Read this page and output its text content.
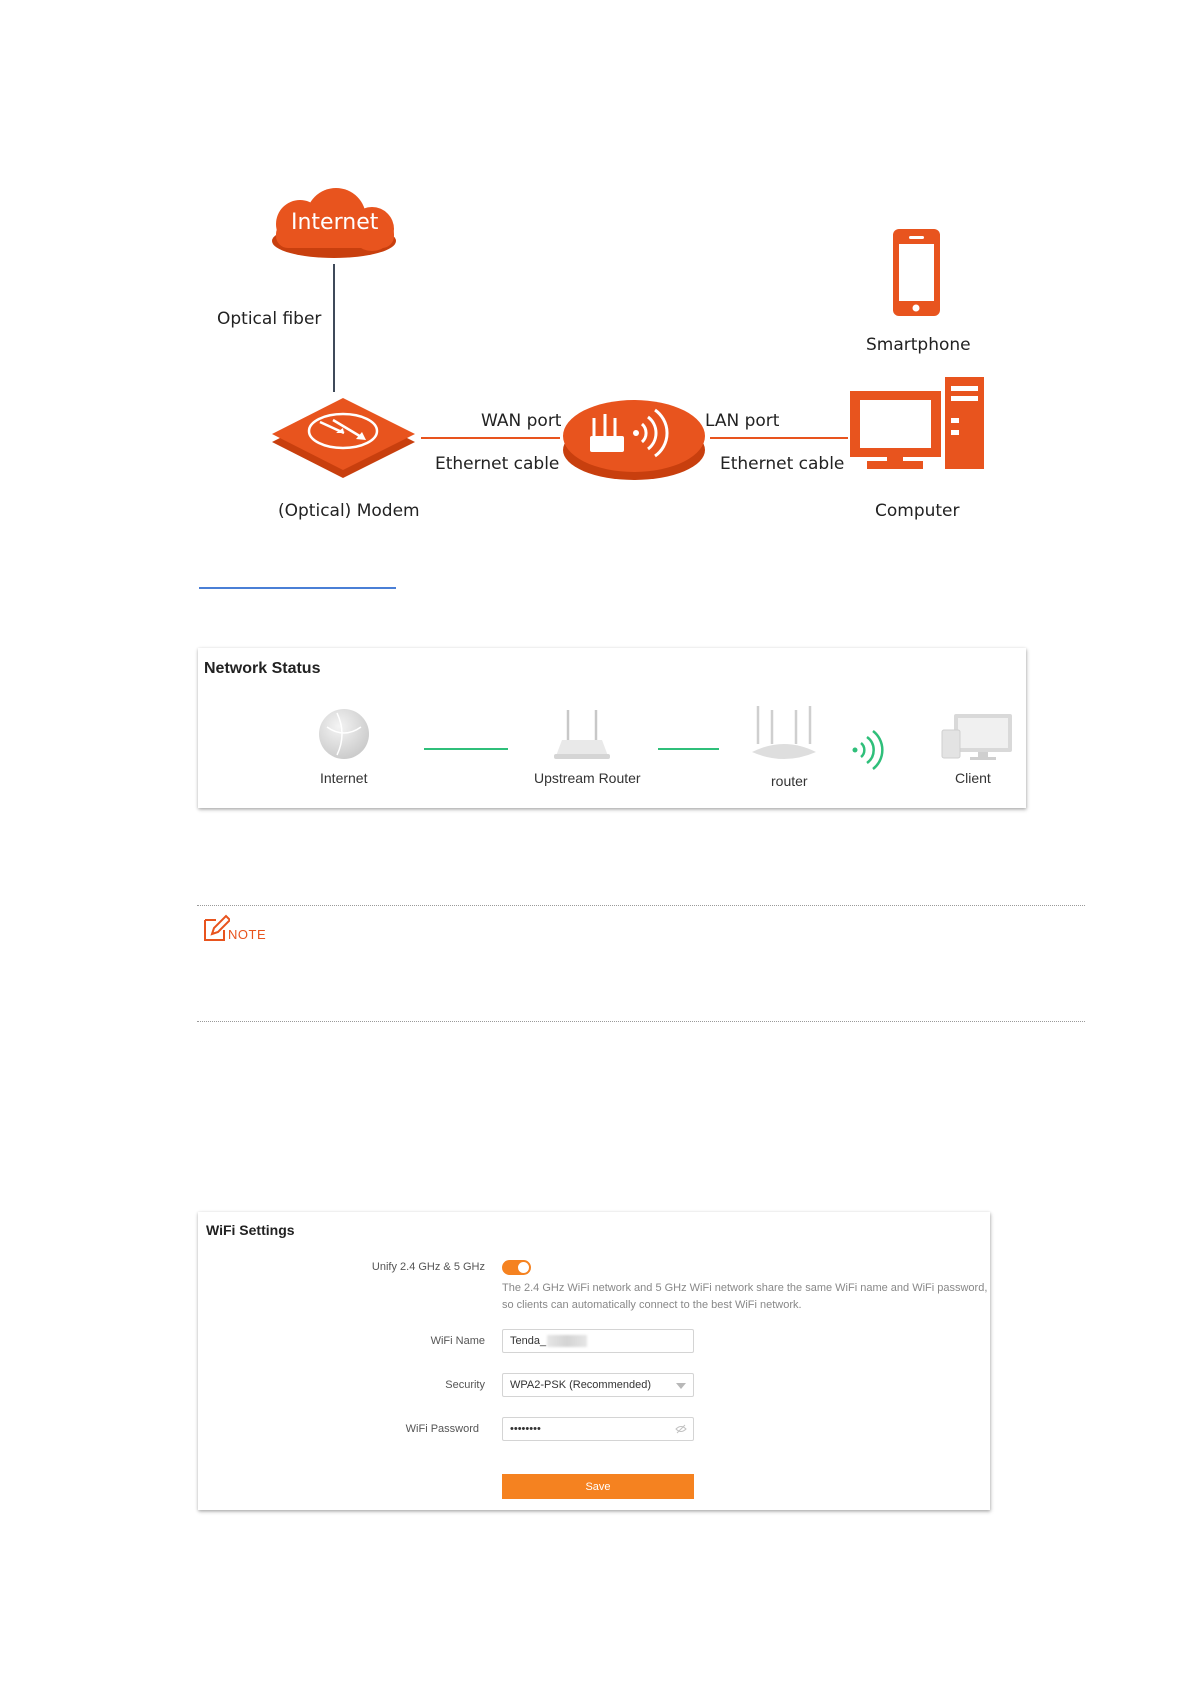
Internet
Optical fiber
WAN port	LAN port
Ethernet cable	Ethernet cable
(Optical) Modem
Smartphone
Computer
Network Status
Internet	Upstream Router	router	Client
NOTE
WiFi Settings
Unify 2.4 GHz & 5 GHz
The 2.4 GHz WiFi network and 5 GHz WiFi network share the same WiFi name and WiFi password,
so clients can automatically connect to the best WiFi network.
WiFi Name	Tenda_
Security	WPA2-PSK (Recommended)
WiFi Password	••••••••
Save
